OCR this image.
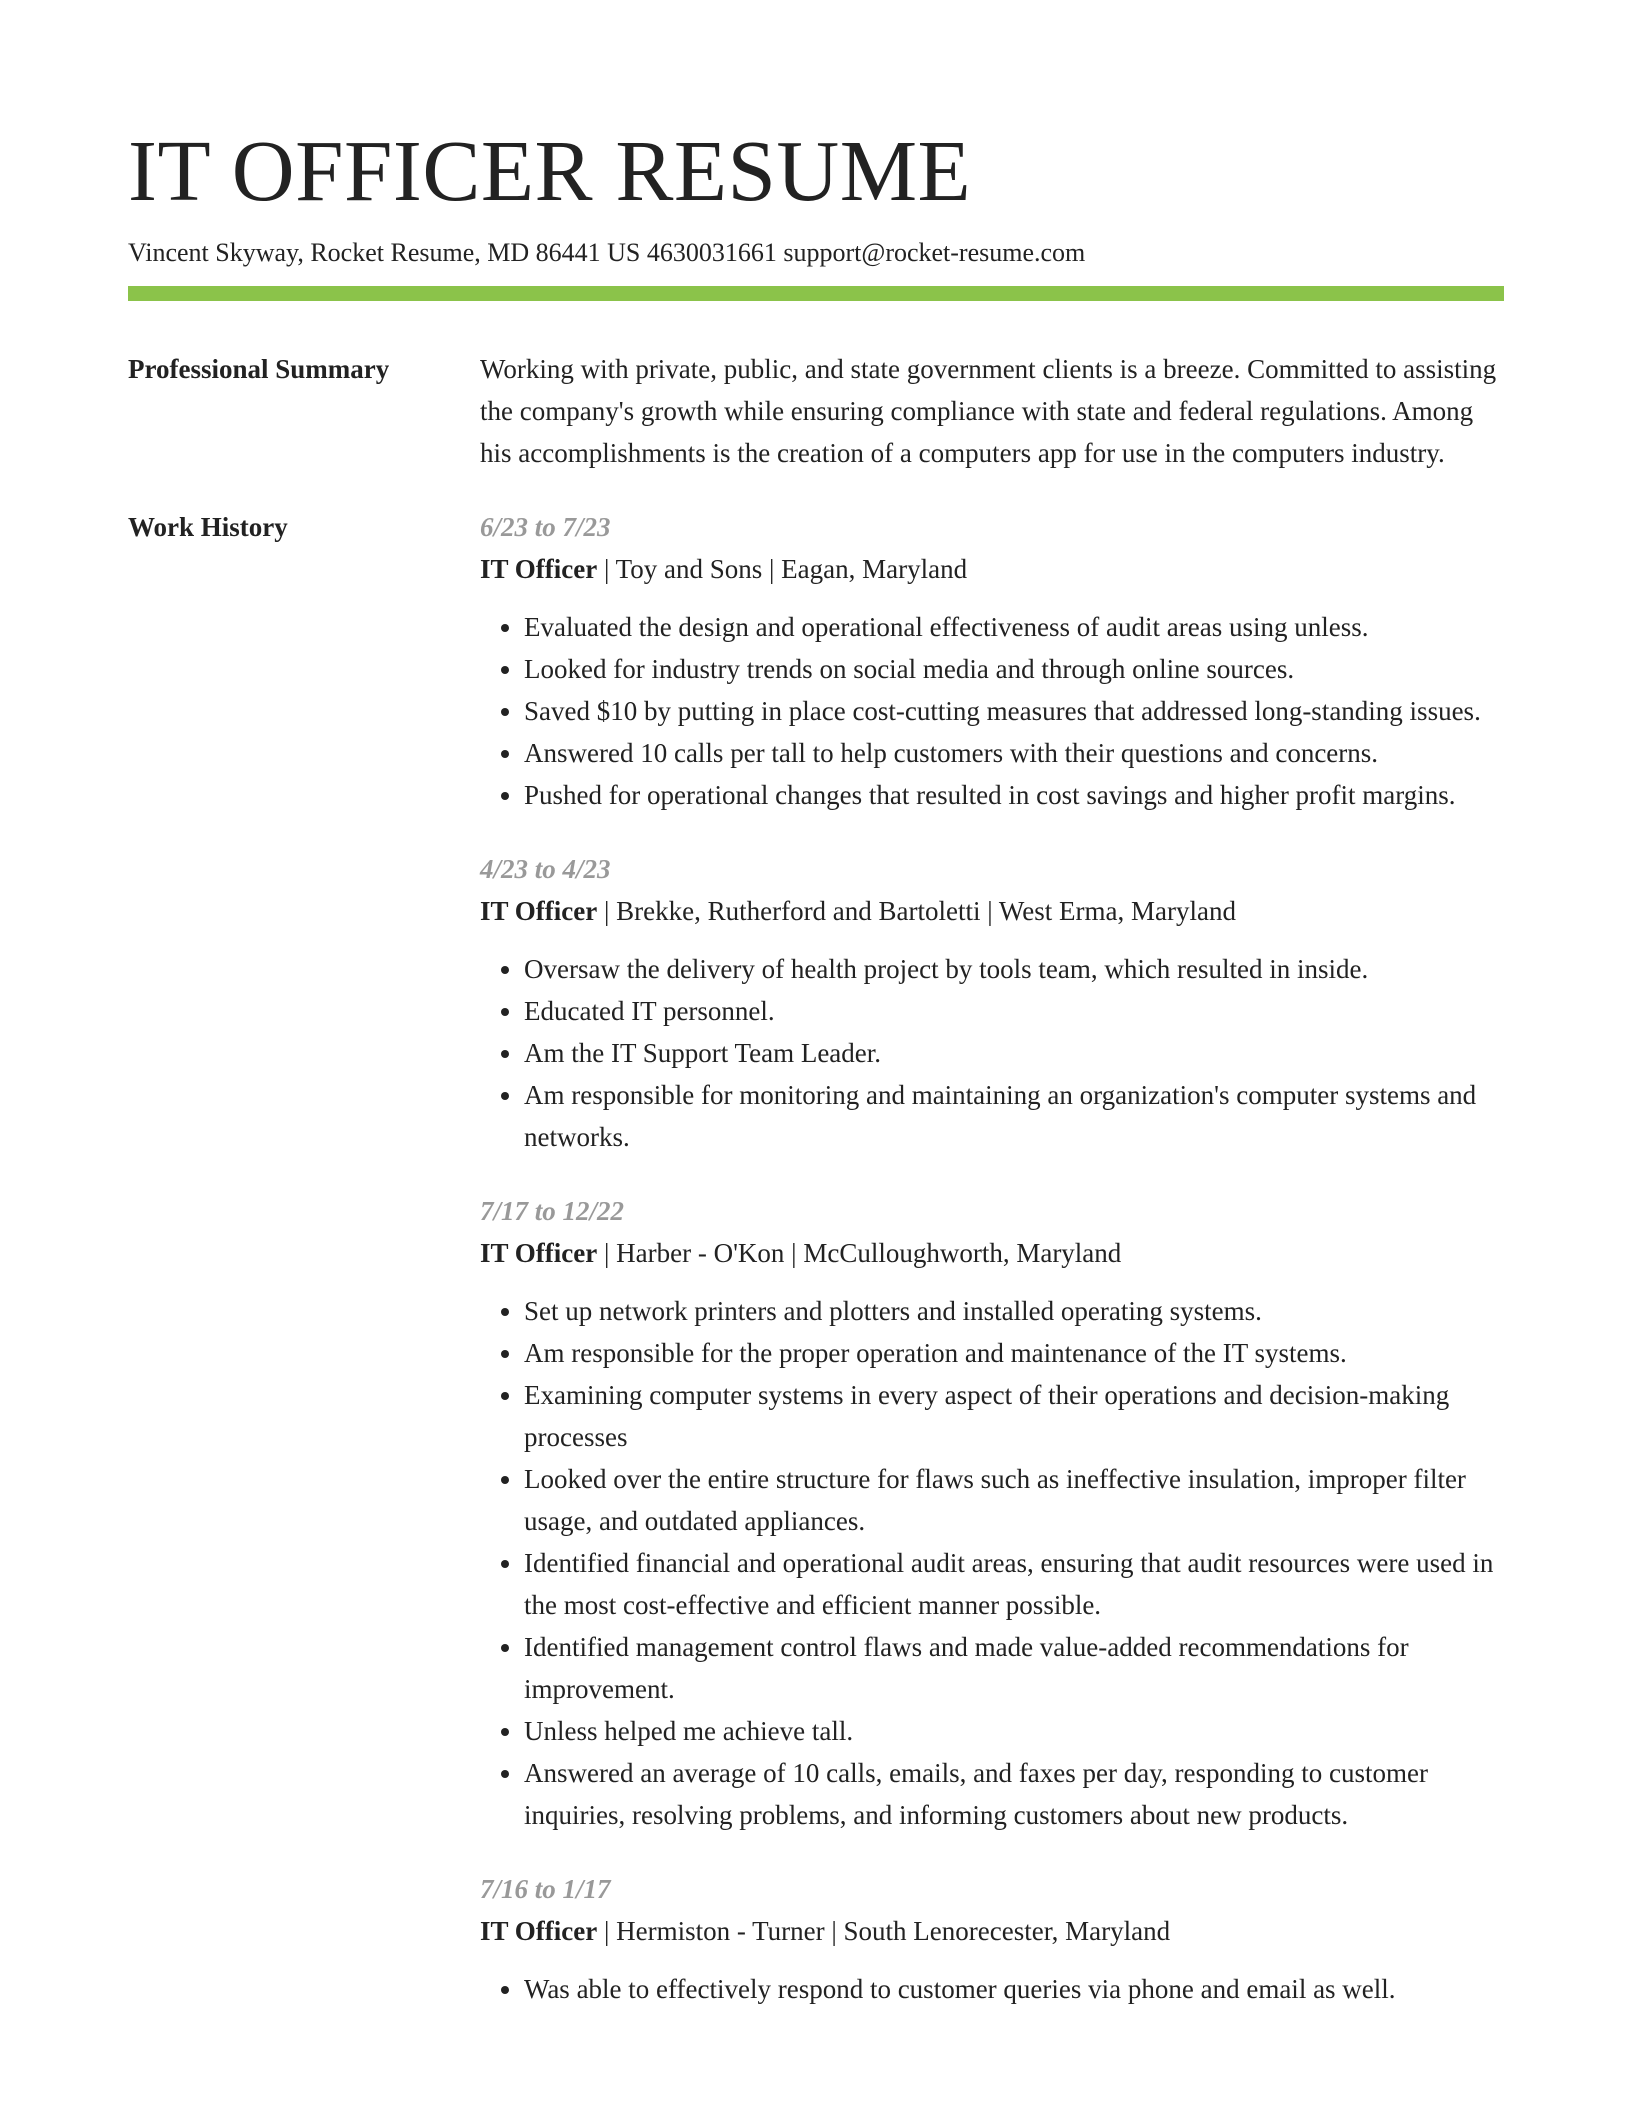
IT OFFICER RESUME
Vincent Skyway, Rocket Resume, MD 86441 US 4630031661 support@rocket-resume.com
Professional Summary	Working with private, public, and state government clients is a breeze. Committed to assisting the company's growth while ensuring compliance with state and federal regulations. Among his accomplishments is the creation of a computers app for use in the computers industry.
Work History	6/23 to 7/23
IT Officer | Toy and Sons | Eagan, Maryland
• Evaluated the design and operational effectiveness of audit areas using unless.
• Looked for industry trends on social media and through online sources.
• Saved $10 by putting in place cost-cutting measures that addressed long-standing issues.
• Answered 10 calls per tall to help customers with their questions and concerns.
• Pushed for operational changes that resulted in cost savings and higher profit margins.
4/23 to 4/23
IT Officer | Brekke, Rutherford and Bartoletti | West Erma, Maryland
• Oversaw the delivery of health project by tools team, which resulted in inside.
• Educated IT personnel.
• Am the IT Support Team Leader.
• Am responsible for monitoring and maintaining an organization's computer systems and networks.
7/17 to 12/22
IT Officer | Harber - O'Kon | McCulloughworth, Maryland
• Set up network printers and plotters and installed operating systems.
• Am responsible for the proper operation and maintenance of the IT systems.
• Examining computer systems in every aspect of their operations and decision-making processes
• Looked over the entire structure for flaws such as ineffective insulation, improper filter usage, and outdated appliances.
• Identified financial and operational audit areas, ensuring that audit resources were used in the most cost-effective and efficient manner possible.
• Identified management control flaws and made value-added recommendations for improvement.
• Unless helped me achieve tall.
• Answered an average of 10 calls, emails, and faxes per day, responding to customer inquiries, resolving problems, and informing customers about new products.
7/16 to 1/17
IT Officer | Hermiston - Turner | South Lenorecester, Maryland
• Was able to effectively respond to customer queries via phone and email as well.
